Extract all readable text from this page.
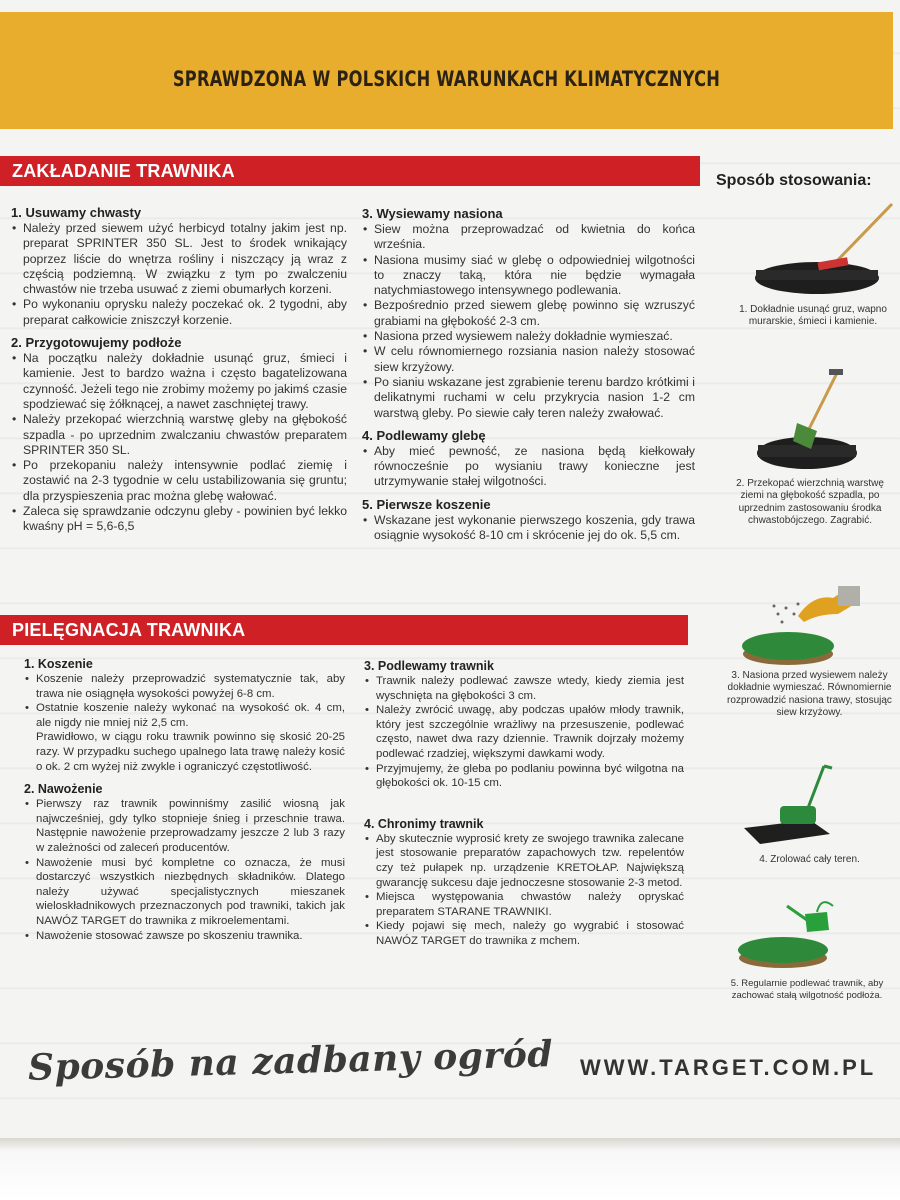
SPRAWDZONA W POLSKICH WARUNKACH KLIMATYCZNYCH
ZAKŁADANIE TRAWNIKA
1. Usuwamy chwasty
• Należy przed siewem użyć herbicyd totalny jakim jest np. preparat SPRINTER 350 SL. Jest to środek wnikający poprzez liście do wnętrza rośliny i niszczący ją wraz z częścią podziemną. W związku z tym po zwalczeniu chwastów nie trzeba usuwać z ziemi obumarłych korzeni.
• Po wykonaniu oprysku należy poczekać ok. 2 tygodni, aby preparat całkowicie zniszczył korzenie.
2. Przygotowujemy podłoże
• Na początku należy dokładnie usunąć gruz, śmieci i kamienie. Jest to bardzo ważna i często bagatelizowana czynność. Jeżeli tego nie zrobimy możemy po jakimś czasie spodziewać się żółknącej, a nawet zaschniętej trawy.
• Należy przekopać wierzchnią warstwę gleby na głębokość szpadla - po uprzednim zwalczaniu chwastów preparatem SPRINTER 350 SL.
• Po przekopaniu należy intensywnie podlać ziemię i zostawić na 2-3 tygodnie w celu ustabilizowania się gruntu; dla przyspieszenia prac można glebę wałować.
• Zaleca się sprawdzanie odczynu gleby - powinien być lekko kwaśny pH = 5,6-6,5
3. Wysiewamy nasiona
• Siew można przeprowadzać od kwietnia do końca września.
• Nasiona musimy siać w glebę o odpowiedniej wilgotności to znaczy taką, która nie będzie wymagała natychmiastowego intensywnego podlewania.
• Bezpośrednio przed siewem glebę powinno się wzruszyć grabiami na głębokość 2-3 cm.
• Nasiona przed wysiewem należy dokładnie wymieszać.
• W celu równomiernego rozsiania nasion należy stosować siew krzyżowy.
• Po sianiu wskazane jest zgrabienie terenu bardzo krótkimi i delikatnymi ruchami w celu przykrycia nasion 1-2 cm warstwą gleby. Po siewie cały teren należy zwałować.
4. Podlewamy glebę
• Aby mieć pewność, ze nasiona będą kiełkowały równocześnie po wysianiu trawy konieczne jest utrzymywanie stałej wilgotności.
5. Pierwsze koszenie
• Wskazane jest wykonanie pierwszego koszenia, gdy trawa osiągnie wysokość 8-10 cm i skrócenie jej do ok. 5,5 cm.
PIELĘGNACJA TRAWNIKA
1. Koszenie
• Koszenie należy przeprowadzić systematycznie tak, aby trawa nie osiągnęła wysokości powyżej 6-8 cm.
• Ostatnie koszenie należy wykonać na wysokość ok. 4 cm, ale nigdy nie mniej niż 2,5 cm.
Prawidłowo, w ciągu roku trawnik powinno się skosić 20-25 razy. W przypadku suchego upalnego lata trawę należy kosić o ok. 2 cm wyżej niż zwykle i ograniczyć częstotliwość.
2. Nawożenie
• Pierwszy raz trawnik powinniśmy zasilić wiosną jak najwcześniej, gdy tylko stopnieje śnieg i przeschnie trawa. Następnie nawożenie przeprowadzamy jeszcze 2 lub 3 razy w zależności od zaleceń producentów.
• Nawożenie musi być kompletne co oznacza, że musi dostarczyć wszystkich niezbędnych składników. Dlatego należy używać specjalistycznych mieszanek wieloskładnikowych przeznaczonych pod trawniki, takich jak NAWÓZ TARGET do trawnika z mikroelementami.
• Nawożenie stosować zawsze po skoszeniu trawnika.
3. Podlewamy trawnik
• Trawnik należy podlewać zawsze wtedy, kiedy ziemia jest wyschnięta na głębokości 3 cm.
• Należy zwrócić uwagę, aby podczas upałów młody trawnik, który jest szczególnie wrażliwy na przesuszenie, podlewać często, nawet dwa razy dziennie. Trawnik dojrzały możemy podlewać rzadziej, większymi dawkami wody.
• Przyjmujemy, że gleba po podlaniu powinna być wilgotna na głębokości ok. 10-15 cm.
4. Chronimy trawnik
• Aby skutecznie wyprosić krety ze swojego trawnika zalecane jest stosowanie preparatów zapachowych tzw. repelentów czy też pułapek np. urządzenie KRETOŁAP. Największą gwarancję sukcesu daje jednoczesne stosowanie 2-3 metod.
• Miejsca występowania chwastów należy opryskać preparatem STARANE TRAWNIKI.
• Kiedy pojawi się mech, należy go wygrabić i stosować NAWÓZ TARGET do trawnika z mchem.
Sposób stosowania:
1. Dokładnie usunąć gruz, wapno murarskie, śmieci i kamienie.
2. Przekopać wierzchnią warstwę ziemi na głębokość szpadla, po uprzednim zastosowaniu środka chwastobójczego. Zagrabić.
3. Nasiona przed wysiewem należy dokładnie wymieszać. Równomiernie rozprowadzić nasiona trawy, stosując siew krzyżowy.
4. Zrolować cały teren.
5. Regularnie podlewać trawnik, aby zachować stałą wilgotność podłoża.
Sposób na zadbany ogród WWW.TARGET.COM.PL
